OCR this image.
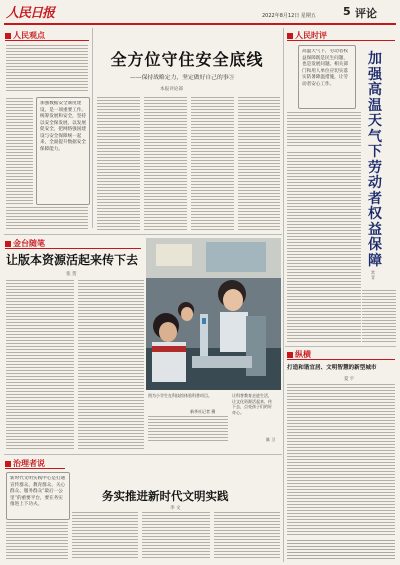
人民日报	2022年8月12日 星期五 5 评论
人民观点
加强数据安全制度建设，是一项重要工作。统筹发展和安全，坚持以安全保发展、以发展促安全，把网络强国建设与安全保障统一起来，全面提升数据安全保障能力。
全方位守住安全底线
——保持战略定力，坚定做好自己的事③
本报评论部
金台随笔
让版本资源活起来传下去
张 贺
图为小学生在科技馆体验科普项目。
新华社记者 摄
让科普教育走进生活，让文化资源活起来、传下去，点亮孩子们的好奇心。
陈 卫
治理者说
新时代文明实践中心是打通宣传群众、教育群众、关心群众、服务群众“最后一公里”的重要平台，要在务实推进上下功夫。
务实推进新时代文明实践
李 文
人民时评
高温天气下，劳动者权益保障既是民生问题，也是发展问题。相关部门和用人单位应切实落实防暑降温措施，让劳动者安心工作。
加强高温天气下劳动者权益保障
常 青
纵横
打造和谐宜居、文明智慧的新型城市
夏 宇
